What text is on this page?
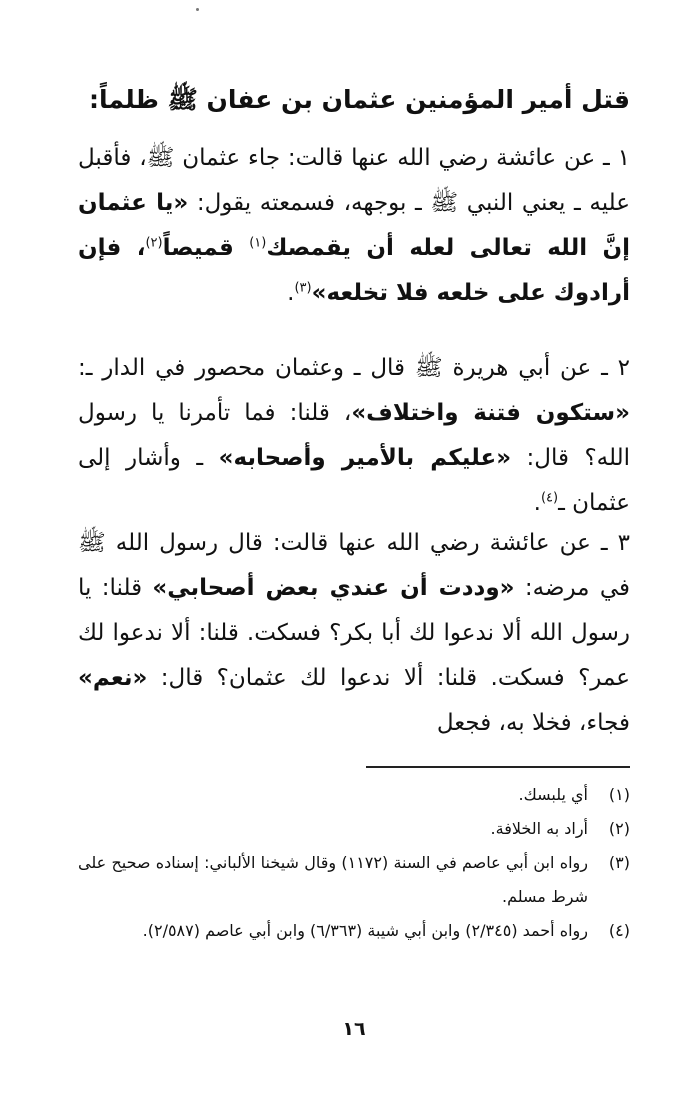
قتل أمير المؤمنين عثمان بن عفان ﷺ ظلماً:

١ ـ عن عائشة رضي الله عنها قالت: جاء عثمان ﷺ، فأقبل عليه ـ يعني النبي ﷺ ـ بوجهه، فسمعته يقول: «يا عثمان إنَّ الله تعالى لعله أن يقمصك$^{(١)}$ قميصاً$^{(٢)}$، فإن أرادوك على خلعه فلا تخلعه»$^{(٣)}$.

٢ ـ عن أبي هريرة ﷺ قال ـ وعثمان محصور في الدار ـ: «ستكون فتنة واختلاف»، قلنا: فما تأمرنا يا رسول الله؟ قال: «عليكم بالأمير وأصحابه» ـ وأشار إلى عثمان ـ$^{(٤)}$.

٣ ـ عن عائشة رضي الله عنها قالت: قال رسول الله ﷺ في مرضه: «وددت أن عندي بعض أصحابي» قلنا: يا رسول الله ألا ندعوا لك أبا بكر؟ فسكت. قلنا: ألا ندعوا لك عمر؟ فسكت. قلنا: ألا ندعوا لك عثمان؟ قال: «نعم» فجاء، فخلا به، فجعل

(١)
أي يلبسك.
(٢)
أراد به الخلافة.
(٣)
رواه ابن أبي عاصم في السنة (١١٧٢) وقال شيخنا الألباني: إسناده صحيح على شرط مسلم.
(٤)
رواه أحمد (٢/٣٤٥) وابن أبي شيبة (٦/٣٦٣) وابن أبي عاصم (٢/٥٨٧).
١٦
